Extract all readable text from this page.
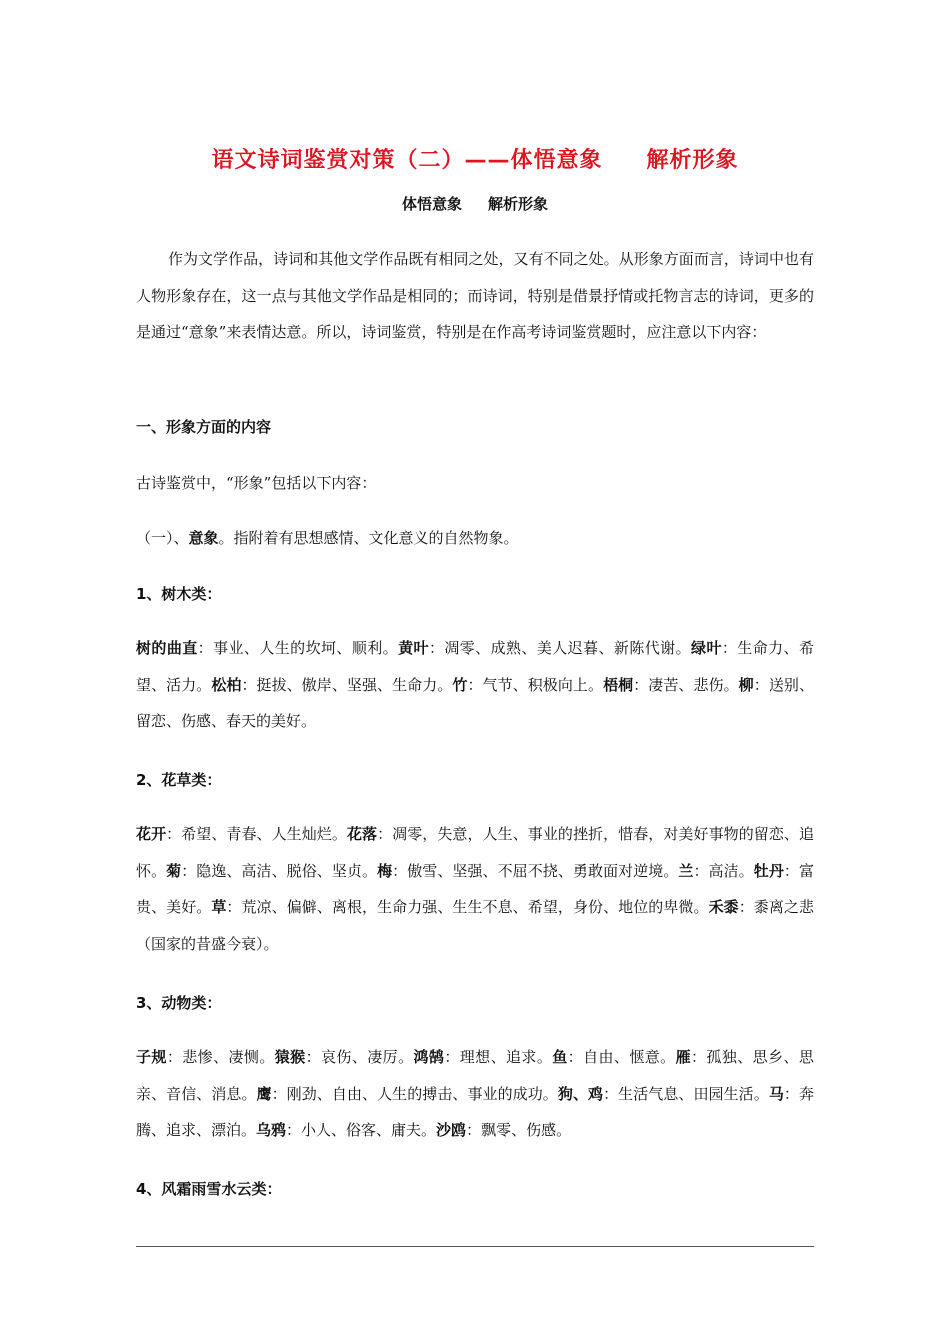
语文诗词鉴赏对策（二）——体悟意象 解析形象
体悟意象 解析形象
作为文学作品，诗词和其他文学作品既有相同之处，又有不同之处。从形象方面而言，诗词中也有人物形象存在，这一点与其他文学作品是相同的；而诗词，特别是借景抒情或托物言志的诗词，更多的是通过“意象”来表情达意。所以，诗词鉴赏，特别是在作高考诗词鉴赏题时，应注意以下内容：
一、形象方面的内容
古诗鉴赏中，“形象”包括以下内容：
（一）、意象。指附着有思想感情、文化意义的自然物象。
1、树木类：
树的曲直：事业、人生的坎坷、顺利。黄叶：凋零、成熟、美人迟暮、新陈代谢。绿叶：生命力、希望、活力。松柏：挺拔、傲岸、坚强、生命力。竹：气节、积极向上。梧桐：凄苦、悲伤。柳：送别、留恋、伤感、春天的美好。
2、花草类：
花开：希望、青春、人生灿烂。花落：凋零，失意，人生、事业的挫折，惜春，对美好事物的留恋、追怀。菊：隐逸、高洁、脱俗、坚贞。梅：傲雪、坚强、不屈不挠、勇敢面对逆境。兰：高洁。牡丹：富贵、美好。草：荒凉、偏僻、离根，生命力强、生生不息、希望，身份、地位的卑微。禾黍：黍离之悲（国家的昔盛今衰）。
3、动物类：
子规：悲惨、凄恻。猿猴：哀伤、凄厉。鸿鹄：理想、追求。鱼：自由、惬意。雁：孤独、思乡、思亲、音信、消息。鹰：刚劲、自由、人生的搏击、事业的成功。狗、鸡：生活气息、田园生活。马：奔腾、追求、漂泊。乌鸦：小人、俗客、庸夫。沙鸥：飘零、伤感。
4、风霜雨雪水云类：
